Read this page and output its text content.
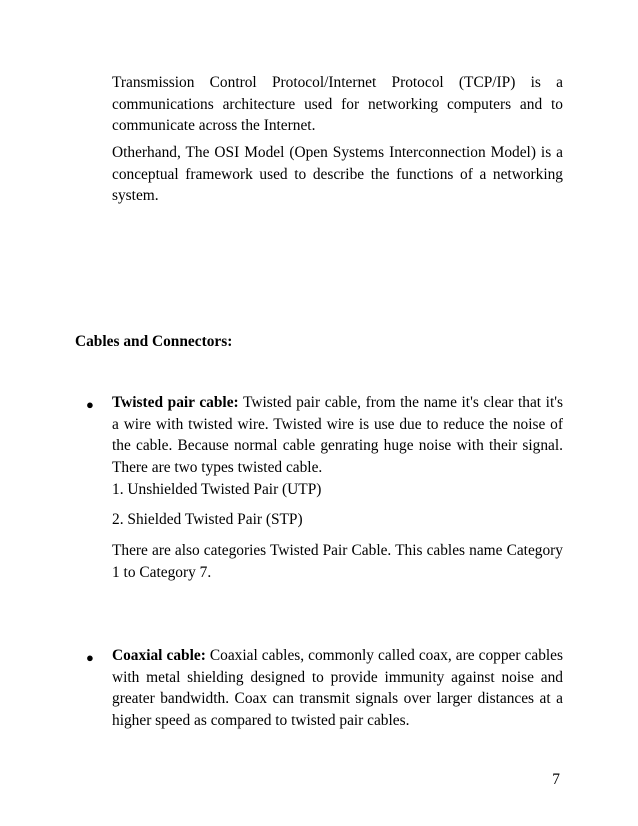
Transmission Control Protocol/Internet Protocol (TCP/IP) is a communications architecture used for networking computers and to communicate across the Internet.

Otherhand, The OSI Model (Open Systems Interconnection Model) is a conceptual framework used to describe the functions of a networking system.

Cables and Connectors:
● Twisted pair cable: Twisted pair cable, from the name it's clear that it's a wire with twisted wire. Twisted wire is use due to reduce the noise of the cable. Because normal cable genrating huge noise with their signal. There are two types twisted cable.

1. Unshielded Twisted Pair (UTP)

2. Shielded Twisted Pair (STP)

There are also categories Twisted Pair Cable. This cables name Category 1 to Category 7.

● Coaxial cable: Coaxial cables, commonly called coax, are copper cables with metal shielding designed to provide immunity against noise and greater bandwidth. Coax can transmit signals over larger distances at a higher speed as compared to twisted pair cables.

7
